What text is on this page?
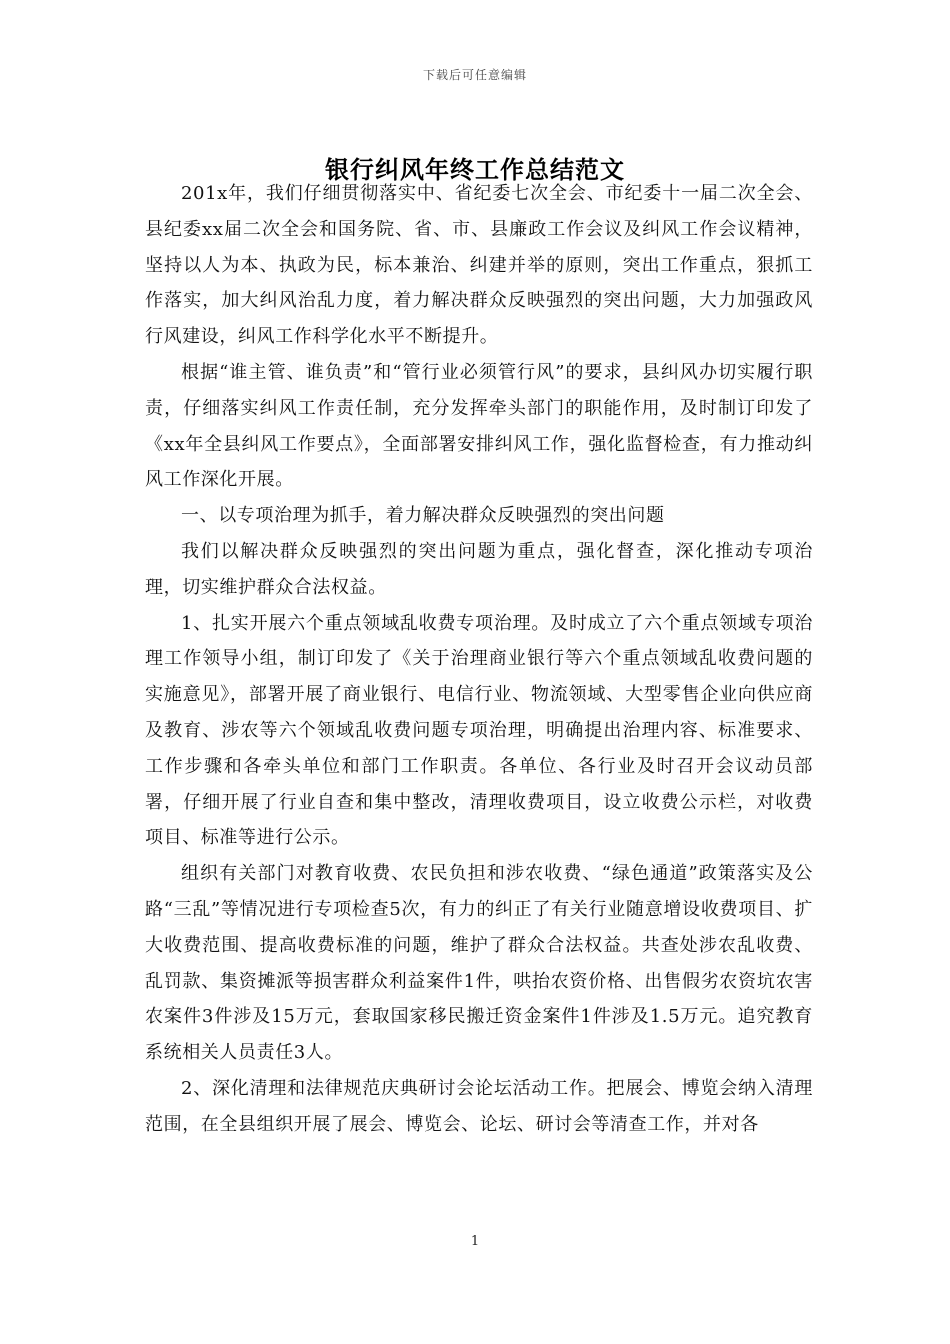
下载后可任意编辑
银行纠风年终工作总结范文

201x年，我们仔细贯彻落实中、省纪委七次全会、市纪委十一届二次全会、县纪委xx届二次全会和国务院、省、市、县廉政工作会议及纠风工作会议精神，坚持以人为本、执政为民，标本兼治、纠建并举的原则，突出工作重点，狠抓工作落实，加大纠风治乱力度，着力解决群众反映强烈的突出问题，大力加强政风行风建设，纠风工作科学化水平不断提升。

根据“谁主管、谁负责”和“管行业必须管行风”的要求，县纠风办切实履行职责，仔细落实纠风工作责任制，充分发挥牵头部门的职能作用，及时制订印发了《xx年全县纠风工作要点》，全面部署安排纠风工作，强化监督检查，有力推动纠风工作深化开展。

一、以专项治理为抓手，着力解决群众反映强烈的突出问题

我们以解决群众反映强烈的突出问题为重点，强化督查，深化推动专项治理，切实维护群众合法权益。

1、扎实开展六个重点领域乱收费专项治理。及时成立了六个重点领域专项治理工作领导小组，制订印发了《关于治理商业银行等六个重点领域乱收费问题的实施意见》，部署开展了商业银行、电信行业、物流领域、大型零售企业向供应商及教育、涉农等六个领域乱收费问题专项治理，明确提出治理内容、标准要求、工作步骤和各牵头单位和部门工作职责。各单位、各行业及时召开会议动员部署，仔细开展了行业自查和集中整改，清理收费项目，设立收费公示栏，对收费项目、标准等进行公示。

组织有关部门对教育收费、农民负担和涉农收费、“绿色通道”政策落实及公路“三乱”等情况进行专项检查5次，有力的纠正了有关行业随意增设收费项目、扩大收费范围、提高收费标准的问题，维护了群众合法权益。共查处涉农乱收费、乱罚款、集资摊派等损害群众利益案件1件，哄抬农资价格、出售假劣农资坑农害农案件3件涉及15万元，套取国家移民搬迁资金案件1件涉及1.5万元。追究教育系统相关人员责任3人。

2、深化清理和法律规范庆典研讨会论坛活动工作。把展会、博览会纳入清理范围，在全县组织开展了展会、博览会、论坛、研讨会等清查工作，并对各

1
